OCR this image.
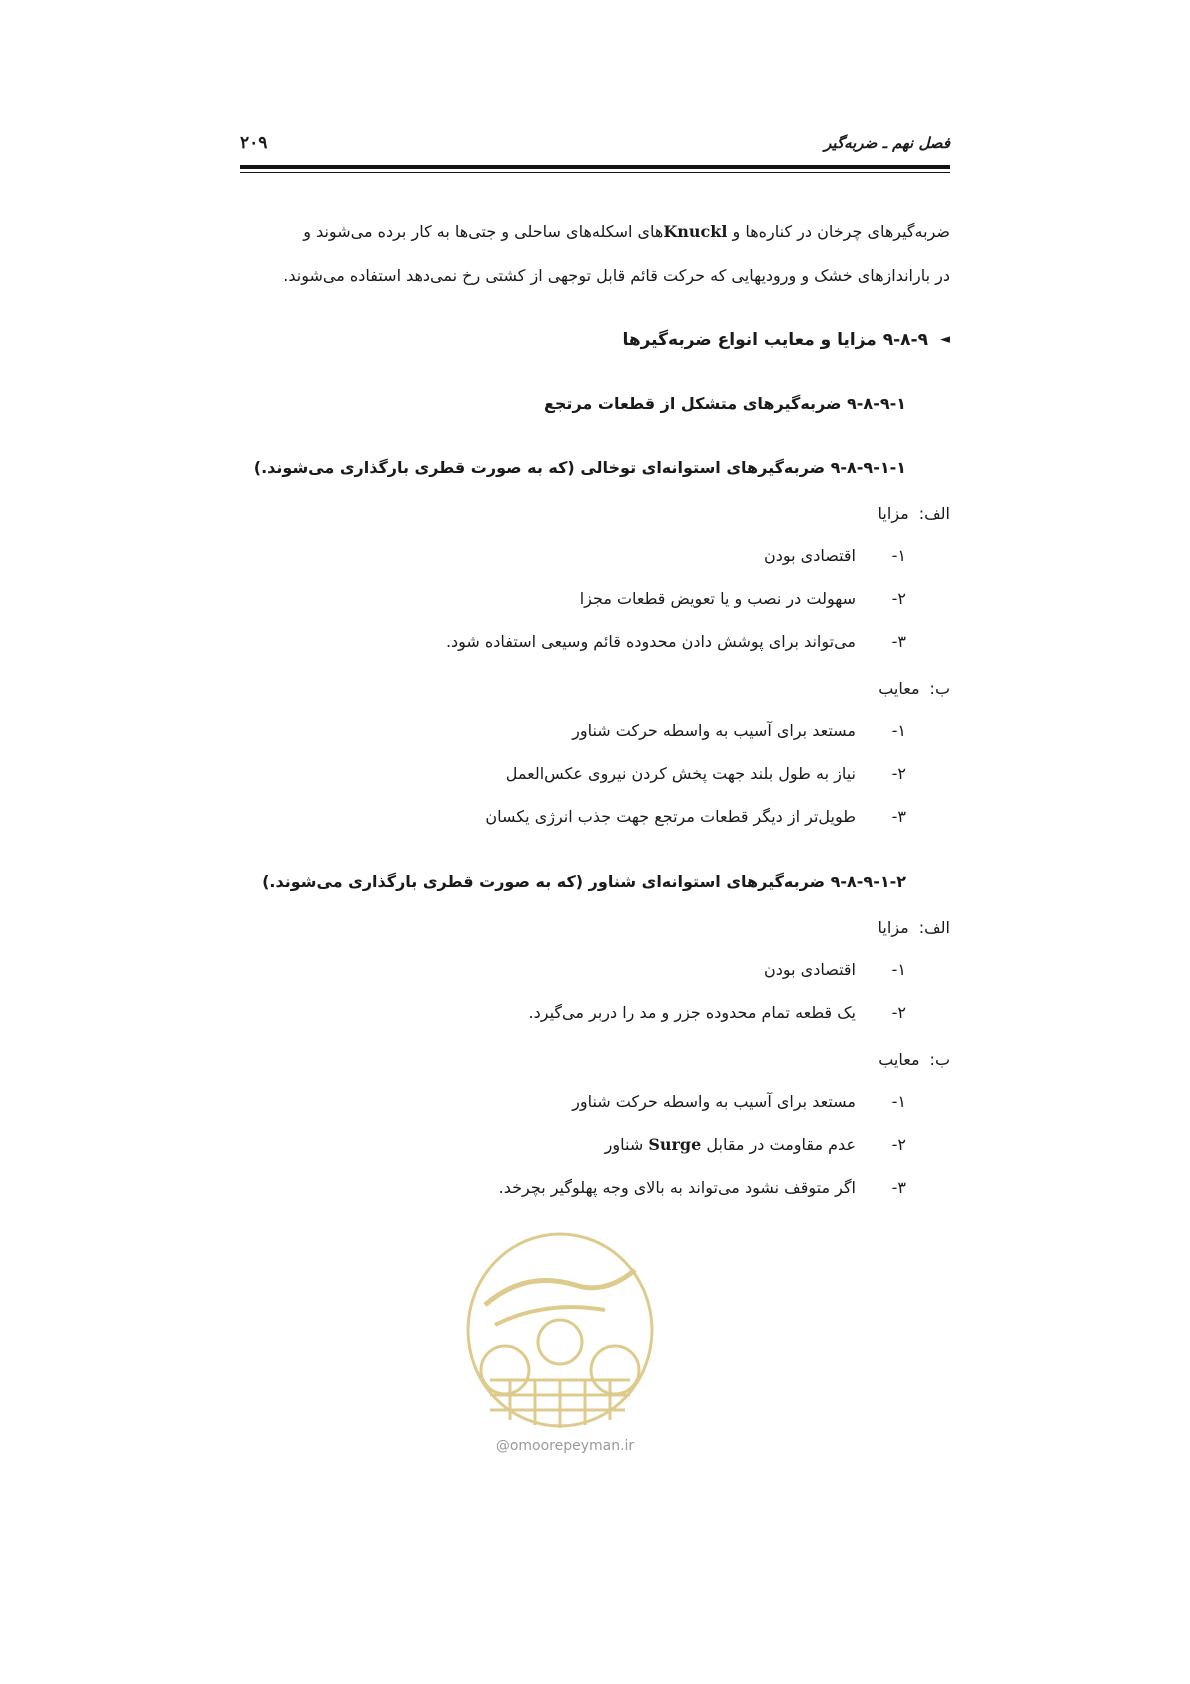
فصل نهم ـ ضربه‌گیر
۲۰۹

ضربه‌گیرهای چرخان در کناره‌ها و Knucklهای اسکله‌های ساحلی و جتی‌ها به کار برده می‌شوند و
در باراندازهای خشک و ورودیهایی که حرکت قائم قابل توجهی از کشتی رخ نمی‌دهد استفاده می‌شوند.

◄
۹-۸-۹ مزایا و معایب انواع ضربه‌گیرها
۹-۸-۹-۱ ضربه‌گیرهای متشکل از قطعات مرتجع
۹-۸-۹-۱-۱ ضربه‌گیرهای استوانه‌ای توخالی (که به صورت قطری بارگذاری می‌شوند.)
الف:
مزایا
۱-
اقتصادی بودن
۲-
سهولت در نصب و یا تعویض قطعات مجزا
۳-
می‌تواند برای پوشش دادن محدوده قائم وسیعی استفاده شود.
ب:
معایب
۱-
مستعد برای آسیب به واسطه حرکت شناور
۲-
نیاز به طول بلند جهت پخش کردن نیروی عکس‌العمل
۳-
طویل‌تر از دیگر قطعات مرتجع جهت جذب انرژی یکسان
۹-۸-۹-۱-۲ ضربه‌گیرهای استوانه‌ای شناور (که به صورت قطری بارگذاری می‌شوند.)
الف:
مزایا
۱-
اقتصادی بودن
۲-
یک قطعه تمام محدوده جزر و مد را دربر می‌گیرد.
ب:
معایب
۱-
مستعد برای آسیب به واسطه حرکت شناور
۲-
عدم مقاومت در مقابل Surge شناور
۳-
اگر متوقف نشود می‌تواند به بالای وجه پهلوگیر بچرخد.
@omoorepeyman.ir
